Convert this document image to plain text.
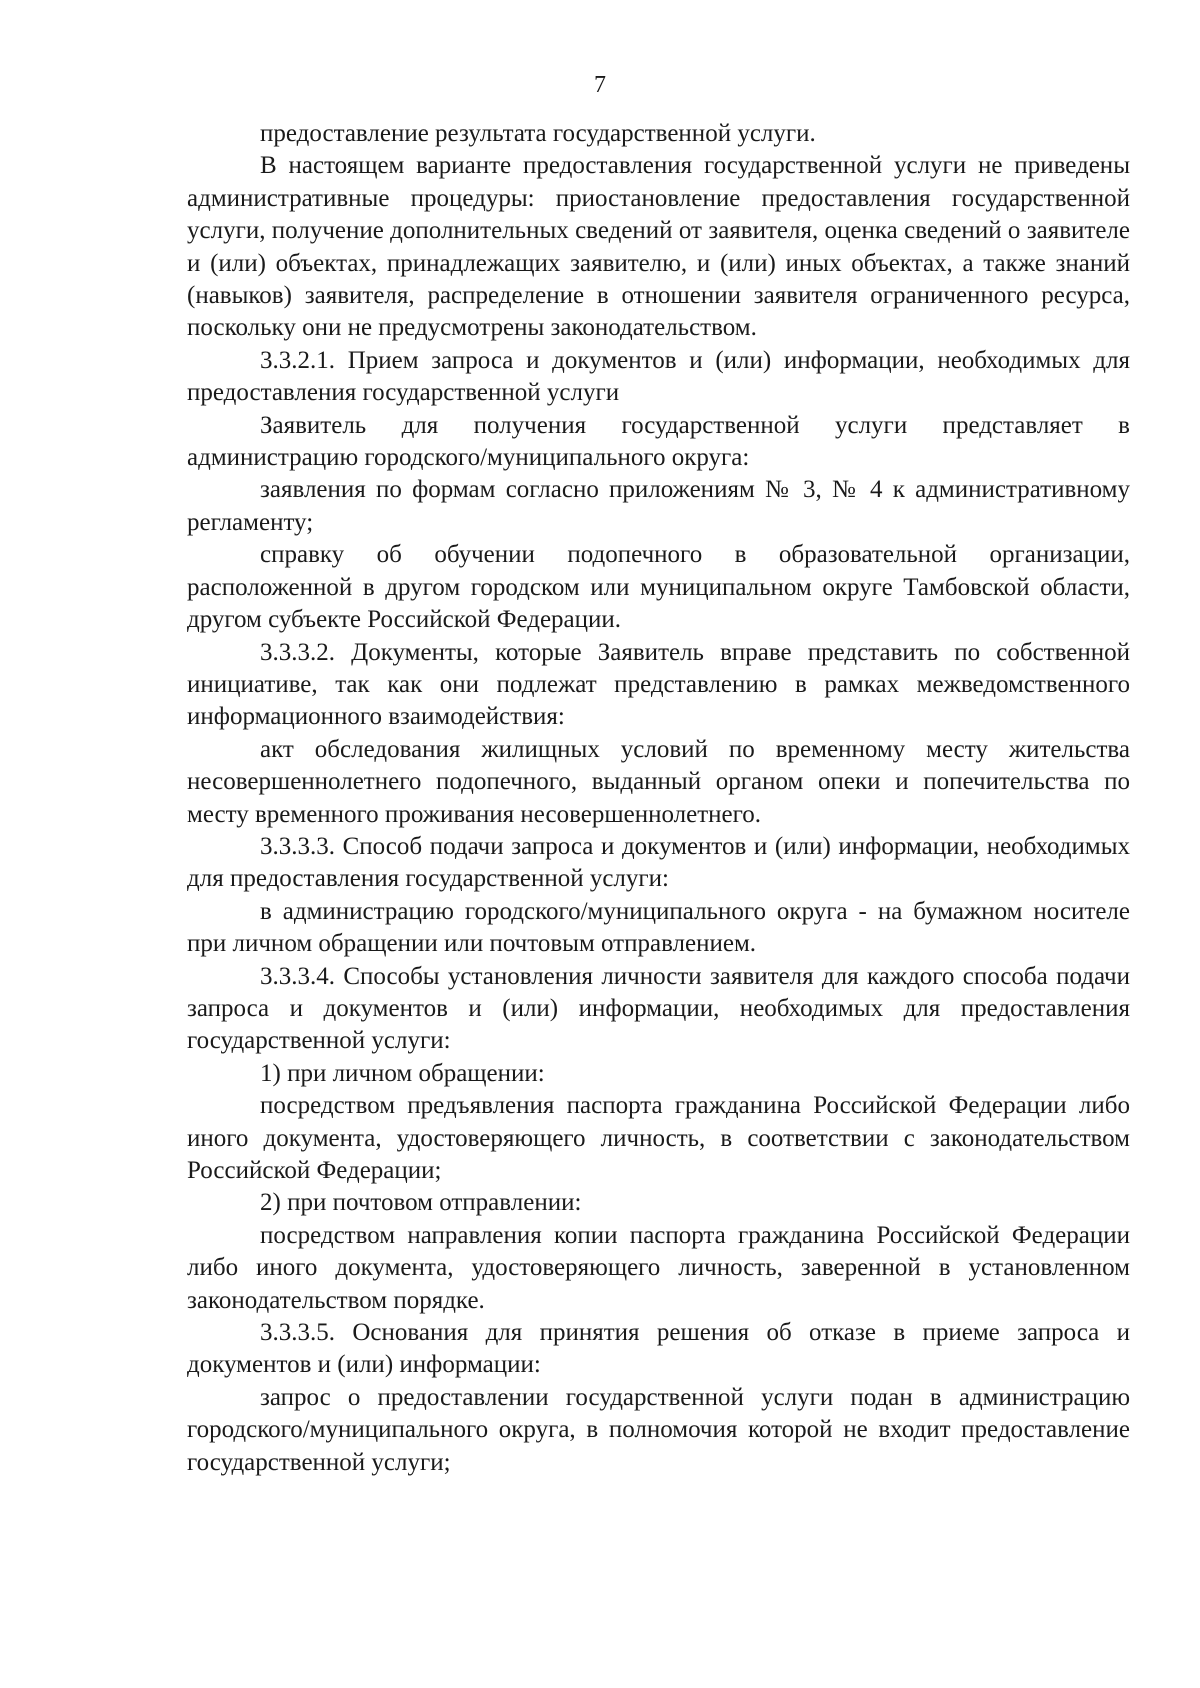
7

предоставление результата государственной услуги.

В настоящем варианте предоставления государственной услуги не приведены административные процедуры: приостановление предоставления государственной услуги, получение дополнительных сведений от заявителя, оценка сведений о заявителе и (или) объектах, принадлежащих заявителю, и (или) иных объектах, а также знаний (навыков) заявителя, распределение в отношении заявителя ограниченного ресурса, поскольку они не предусмотрены законодательством.

3.3.2.1. Прием запроса и документов и (или) информации, необходимых для предоставления государственной услуги

Заявитель для получения государственной услуги представляет в администрацию городского/муниципального округа:

заявления по формам согласно приложениям № 3, № 4 к административному регламенту;

справку об обучении подопечного в образовательной организации, расположенной в другом городском или муниципальном округе Тамбовской области, другом субъекте Российской Федерации.

3.3.3.2. Документы, которые Заявитель вправе представить по собственной инициативе, так как они подлежат представлению в рамках межведомственного информационного взаимодействия:

акт обследования жилищных условий по временному месту жительства несовершеннолетнего подопечного, выданный органом опеки и попечительства по месту временного проживания несовершеннолетнего.

3.3.3.3. Способ подачи запроса и документов и (или) информации, необходимых для предоставления государственной услуги:

в администрацию городского/муниципального округа - на бумажном носителе при личном обращении или почтовым отправлением.

3.3.3.4. Способы установления личности заявителя для каждого способа подачи запроса и документов и (или) информации, необходимых для предоставления государственной услуги:

1) при личном обращении:

посредством предъявления паспорта гражданина Российской Федерации либо иного документа, удостоверяющего личность, в соответствии с законодательством Российской Федерации;

2) при почтовом отправлении:

посредством направления копии паспорта гражданина Российской Федерации либо иного документа, удостоверяющего личность, заверенной в установленном законодательством порядке.

3.3.3.5. Основания для принятия решения об отказе в приеме запроса и документов и (или) информации:

запрос о предоставлении государственной услуги подан в администрацию городского/муниципального округа, в полномочия которой не входит предоставление государственной услуги;
